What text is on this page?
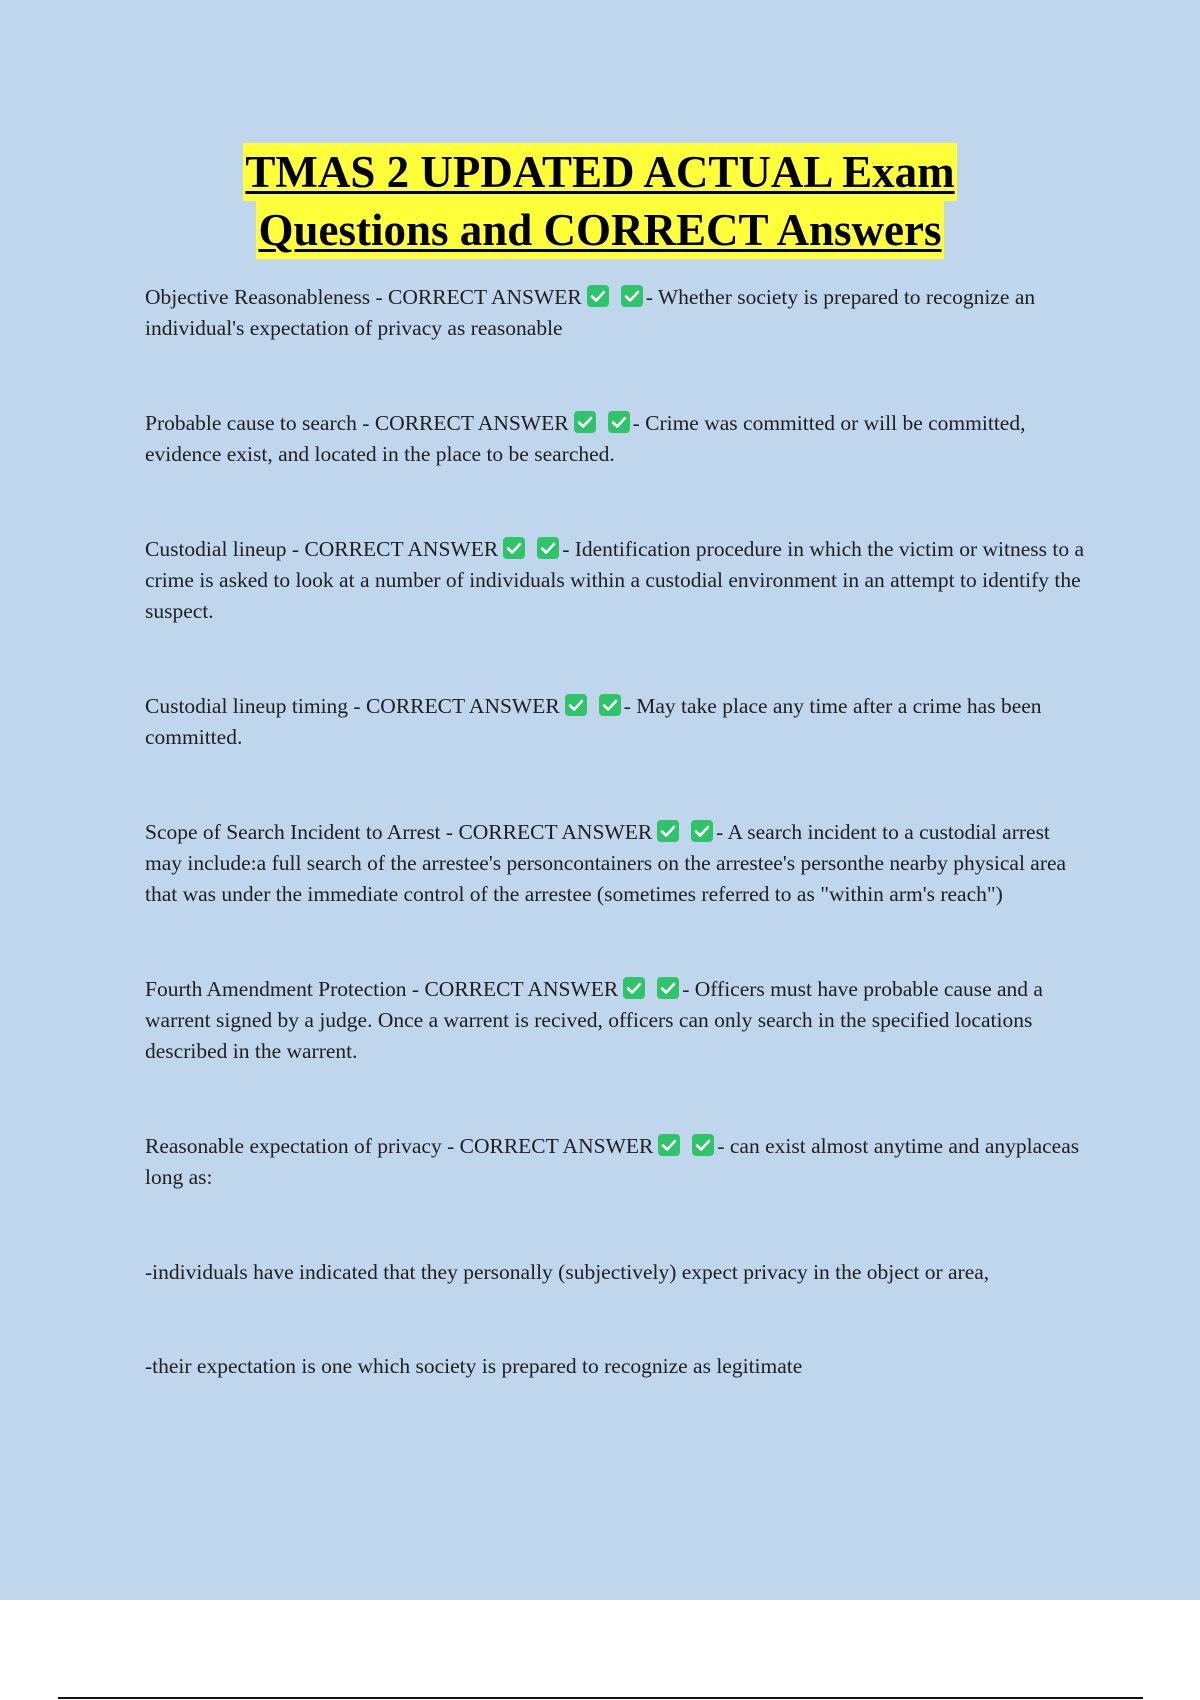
TMAS 2 UPDATED ACTUAL Exam
Questions and CORRECT Answers
Objective Reasonableness - CORRECT ANSWER	- Whether society is prepared to recognize an individual's expectation of privacy as reasonable
Probable cause to search - CORRECT ANSWER	- Crime was committed or will be committed, evidence exist, and located in the place to be searched.
Custodial lineup - CORRECT ANSWER	- Identification procedure in which the victim or witness to a crime is asked to look at a number of individuals within a custodial environment in an attempt to identify the suspect.
Custodial lineup timing - CORRECT ANSWER	- May take place any time after a crime has been committed.
Scope of Search Incident to Arrest - CORRECT ANSWER	- A search incident to a custodial arrest may include:a full search of the arrestee's personcontainers on the arrestee's personthe nearby physical area that was under the immediate control of the arrestee (sometimes referred to as "within arm's reach")
Fourth Amendment Protection - CORRECT ANSWER	- Officers must have probable cause and a warrent signed by a judge. Once a warrent is recived, officers can only search in the specified locations described in the warrent.
Reasonable expectation of privacy - CORRECT ANSWER	- can exist almost anytime and anyplaceas long as:
-individuals have indicated that they personally (subjectively) expect privacy in the object or area,
-their expectation is one which society is prepared to recognize as legitimate
